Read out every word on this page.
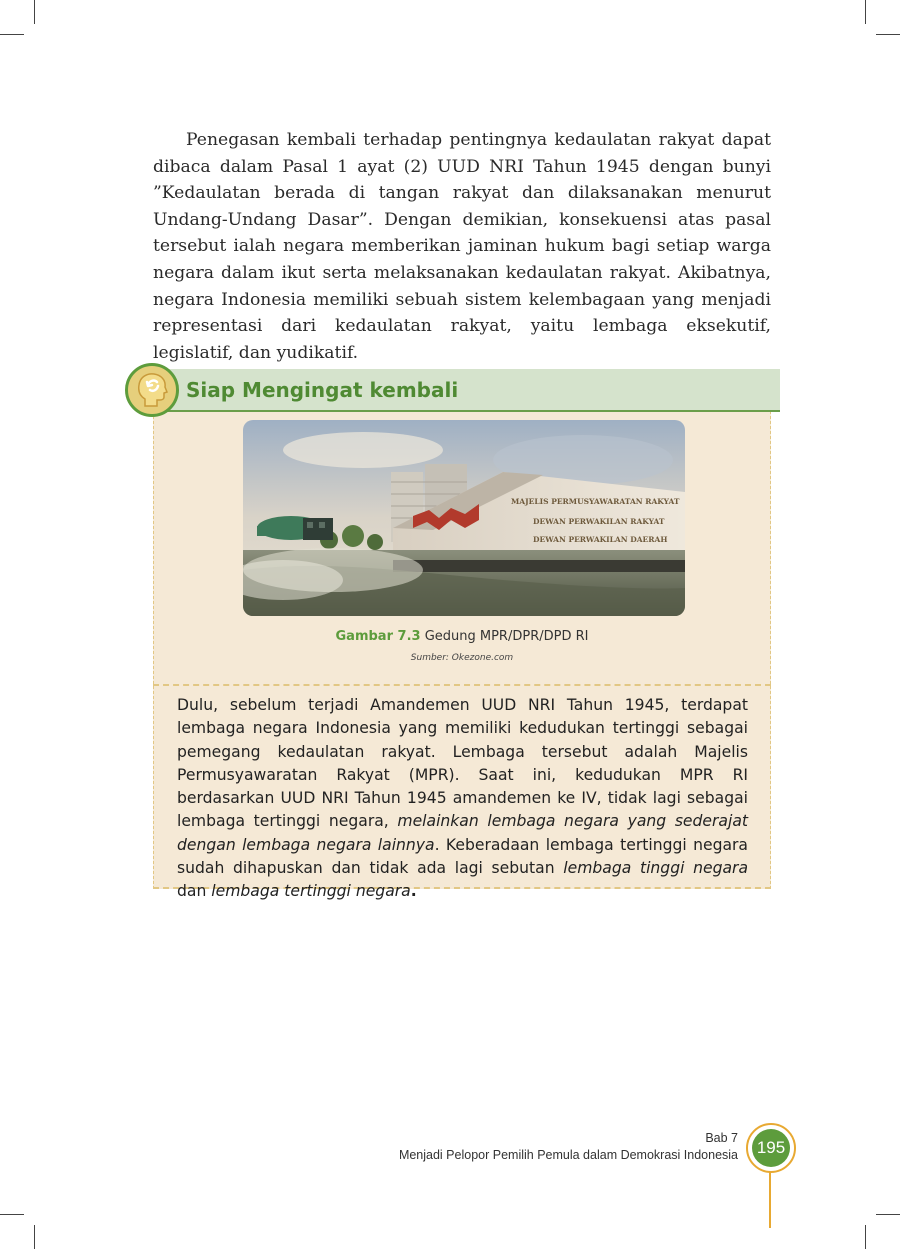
Penegasan kembali terhadap pentingnya kedaulatan rakyat dapat dibaca dalam Pasal 1 ayat (2) UUD NRI Tahun 1945 dengan bunyi ”Kedaulatan berada di tangan rakyat dan dilaksanakan menurut Undang-Undang Dasar”. Dengan demikian, konsekuensi atas pasal tersebut ialah negara memberikan jaminan hukum bagi setiap warga negara dalam ikut serta melaksanakan kedaulatan rakyat. Akibatnya, negara Indonesia memiliki sebuah sistem kelembagaan yang menjadi representasi dari kedaulatan rakyat, yaitu lembaga eksekutif, legislatif, dan yudikatif.

Siap Mengingat kembali
MAJELIS PERMUSYAWARATAN RAKYAT
DEWAN PERWAKILAN RAKYAT
DEWAN PERWAKILAN DAERAH
Gambar 7.3 Gedung MPR/DPR/DPD RI
Sumber: Okezone.com

Dulu, sebelum terjadi Amandemen UUD NRI Tahun 1945, terdapat lembaga negara Indonesia yang memiliki kedudukan tertinggi sebagai pemegang kedaulatan rakyat. Lembaga tersebut adalah Majelis Permusyawaratan Rakyat (MPR). Saat ini, kedudukan MPR RI berdasarkan UUD NRI Tahun 1945 amandemen ke IV, tidak lagi sebagai lembaga tertinggi negara, melainkan lembaga negara yang sederajat dengan lembaga negara lainnya. Keberadaan lembaga tertinggi negara sudah dihapuskan dan tidak ada lagi sebutan lembaga tinggi negara dan lembaga tertinggi negara.

Bab 7
Menjadi Pelopor Pemilih Pemula dalam Demokrasi Indonesia 195
